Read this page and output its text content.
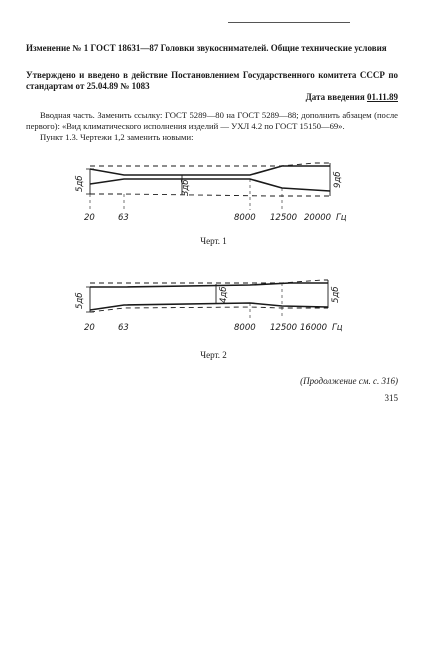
Изменение № 1 ГОСТ 18631—87 Головки звукоснимателей. Общие технические условия
Утверждено и введено в действие Постановлением Государственного комитета СССР по стандартам от 25.04.89 № 1083
Дата введения 01.11.89

Вводная часть. Заменить ссылку: ГОСТ 5289—80 на ГОСТ 5289—88; дополнить абзацем (после первого): «Вид климатического исполнения изделий — УХЛ 4.2 по ГОСТ 15150—69».

Пункт 1.3. Чертежи 1,2 заменить новыми:

5дб	3дб	9дб
20	63	8000 12500 20000 Гц
Черт. 1
5дб	4дб	5дб
20	63	8000 12500 16000 Гц
Черт. 2
(Продолжение см. с. 316)
315
